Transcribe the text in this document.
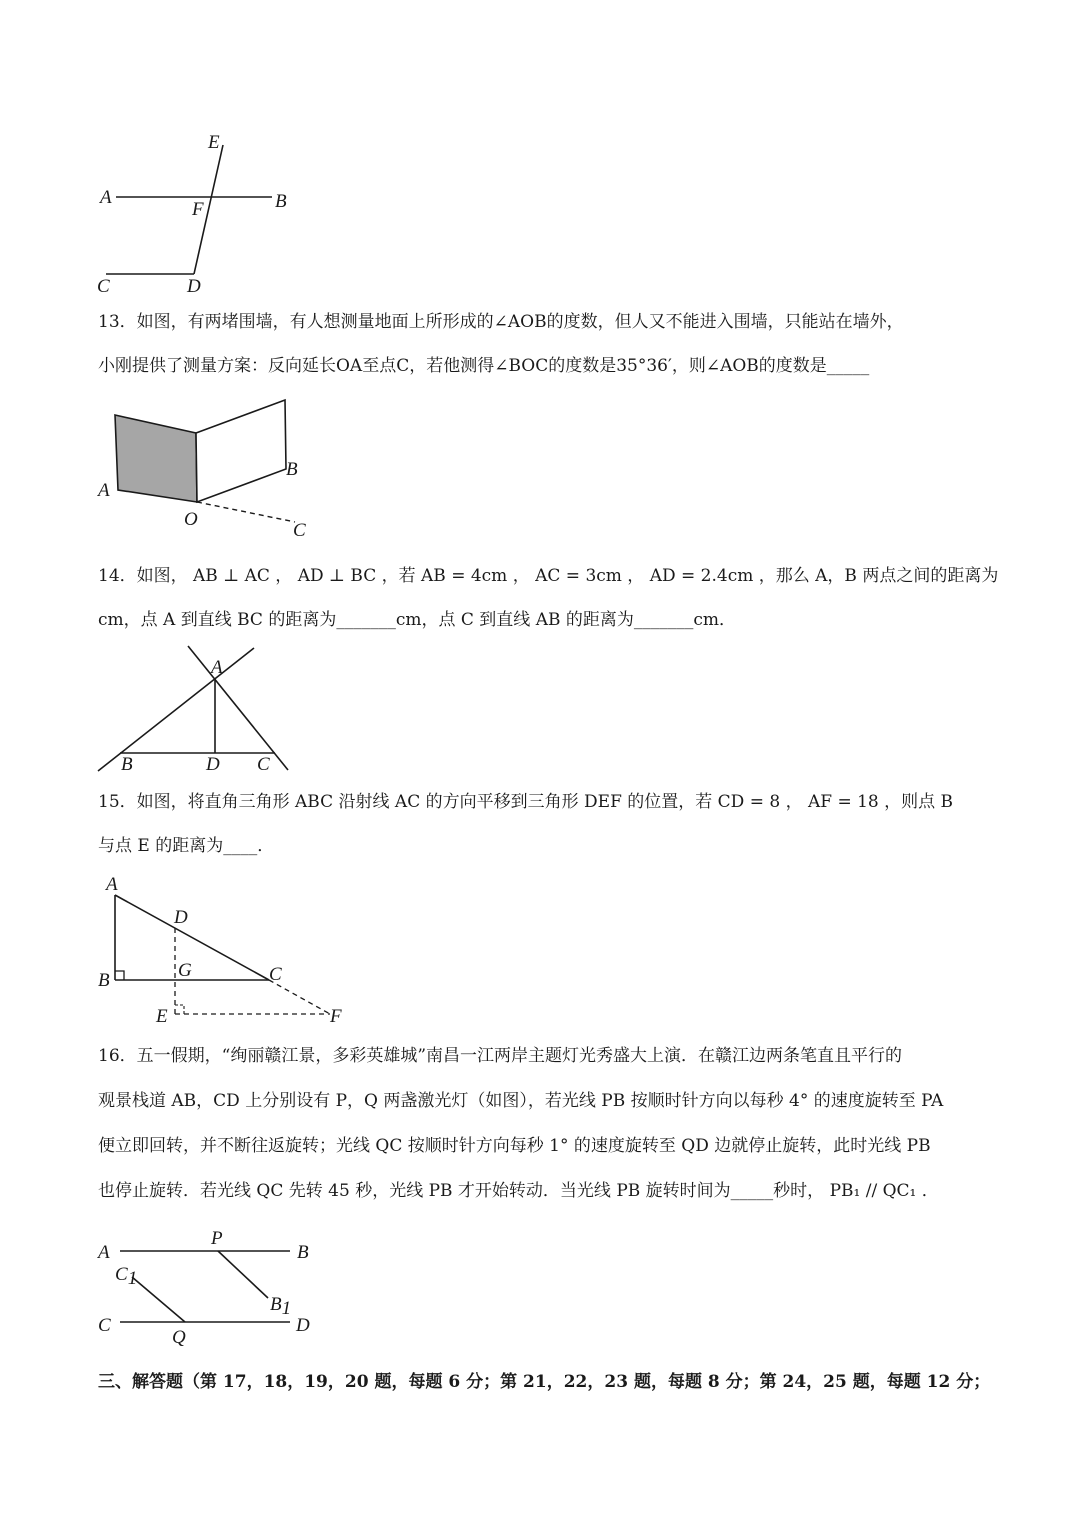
E
A
F	B
C	D
13．如图，有两堵围墙，有人想测量地面上所形成的∠AOB的度数，但人又不能进入围墙，只能站在墙外，
小刚提供了测量方案：反向延长OA至点C，若他测得∠BOC的度数是35°36′，则∠AOB的度数是_____
A
B
O
C
14．如图， AB ⊥ AC ， AD ⊥ BC ，若 AB = 4cm ， AC = 3cm ， AD = 2.4cm ，那么 A，B 两点之间的距离为
cm，点 A 到直线 BC 的距离为_______cm，点 C 到直线 AB 的距离为_______cm．
A
B	D C
15．如图，将直角三角形 ABC 沿射线 AC 的方向平移到三角形 DEF 的位置，若 CD = 8 ， AF = 18 ，则点 B
与点 E 的距离为____．
A
D
B	G	C
E	F
16．五一假期，“绚丽赣江景，多彩英雄城”南昌一江两岸主题灯光秀盛大上演．在赣江边两条笔直且平行的
观景栈道 AB，CD 上分别设有 P，Q 两盏激光灯（如图），若光线 PB 按顺时针方向以每秒 4° 的速度旋转至 PA
便立即回转，并不断往返旋转；光线 QC 按顺时针方向每秒 1° 的速度旋转至 QD 边就停止旋转，此时光线 PB
也停止旋转．若光线 QC 先转 45 秒，光线 PB 才开始转动．当光线 PB 旋转时间为_____秒时， PB₁ // QC₁ ．
A
P
B
C1
B1
C
Q
D
三、解答题（第 17，18，19，20 题，每题 6 分；第 21，22，23 题，每题 8 分；第 24，25 题，每题 12 分；
